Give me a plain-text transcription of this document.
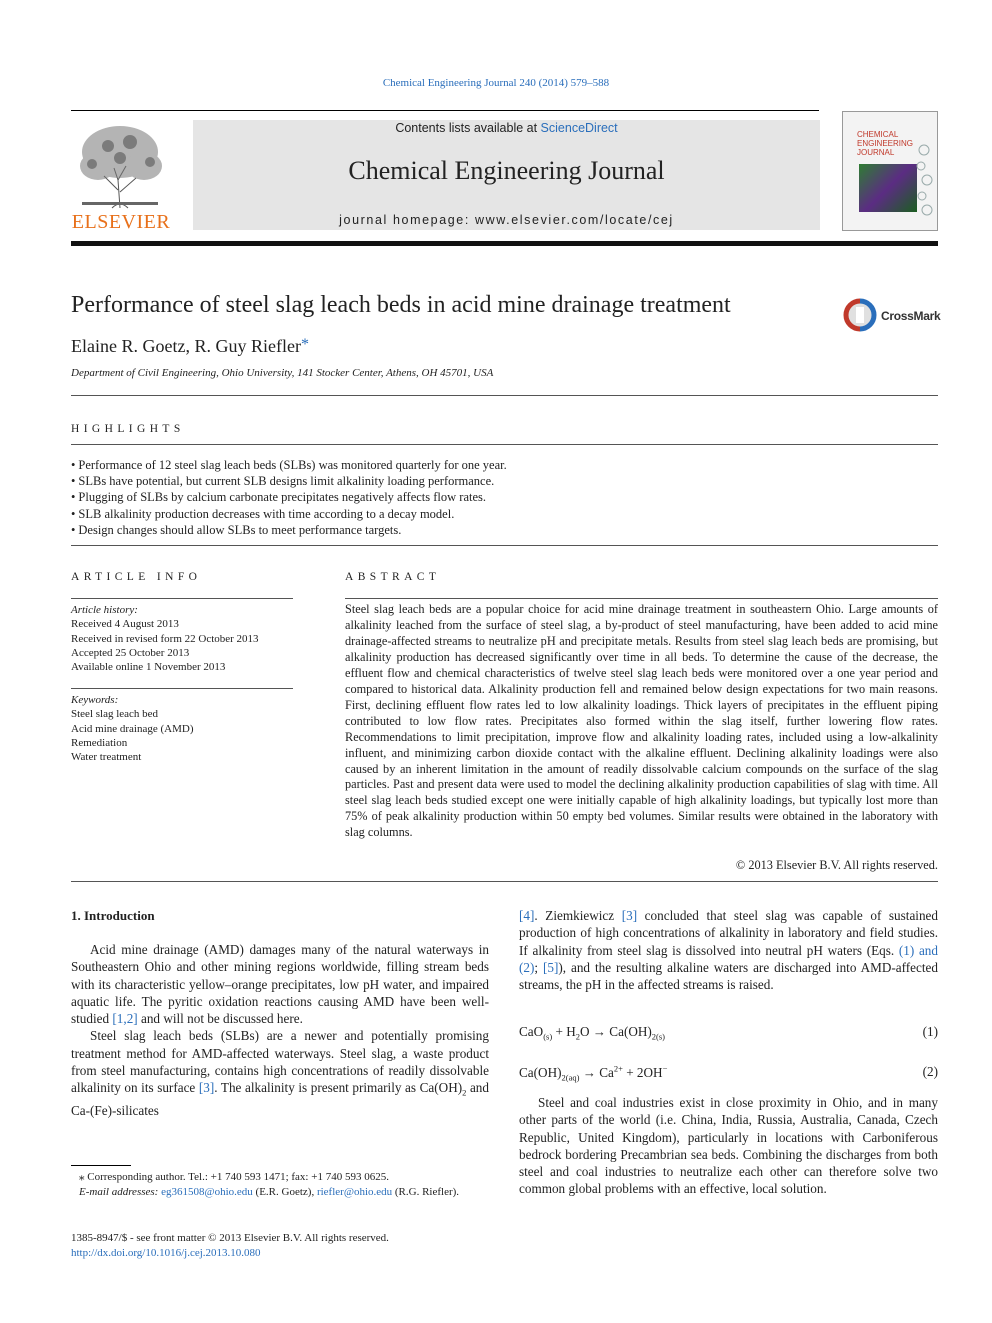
Chemical Engineering Journal 240 (2014) 579–588
ELSEVIER
Contents lists available at ScienceDirect
Chemical Engineering Journal
journal homepage: www.elsevier.com/locate/cej
CHEMICAL
ENGINEERING
JOURNAL
Performance of steel slag leach beds in acid mine drainage treatment	CrossMark
Elaine R. Goetz, R. Guy Riefler*
Department of Civil Engineering, Ohio University, 141 Stocker Center, Athens, OH 45701, USA
HIGHLIGHTS
• Performance of 12 steel slag leach beds (SLBs) was monitored quarterly for one year.
• SLBs have potential, but current SLB designs limit alkalinity loading performance.
• Plugging of SLBs by calcium carbonate precipitates negatively affects flow rates.
• SLB alkalinity production decreases with time according to a decay model.
• Design changes should allow SLBs to meet performance targets.
ARTICLE INFO
Article history:
Received 4 August 2013
Received in revised form 22 October 2013
Accepted 25 October 2013
Available online 1 November 2013
Keywords:
Steel slag leach bed
Acid mine drainage (AMD)
Remediation
Water treatment
ABSTRACT
Steel slag leach beds are a popular choice for acid mine drainage treatment in southeastern Ohio. Large amounts of alkalinity leached from the surface of steel slag, a by-product of steel manufacturing, have been added to acid mine drainage-affected streams to neutralize pH and precipitate metals. Results from steel slag leach beds are promising, but alkalinity production has decreased significantly over time in all beds. To determine the cause of the decrease, the effluent flow and chemical characteristics of twelve steel slag leach beds were monitored over a one year period and compared to historical data. Alkalinity production fell and remained below design expectations for two main reasons. First, declining effluent flow rates led to low alkalinity loadings. Thick layers of precipitates in the effluent piping contributed to low flow rates. Precipitates also formed within the slag itself, further lowering flow rates. Recommendations to limit precipitation, improve flow and alkalinity loading rates, included using a low-alkalinity influent, and minimizing carbon dioxide contact with the alkaline effluent. Declining alkalinity loadings were also caused by an inherent limitation in the amount of readily dissolvable calcium compounds on the surface of the slag particles. Past and present data were used to model the declining alkalinity production capabilities of slag with time. All steel slag leach beds studied except one were initially capable of high alkalinity loadings, but typically lost more than 75% of peak alkalinity production within 50 empty bed volumes. Similar results were obtained in the laboratory with slag columns.
© 2013 Elsevier B.V. All rights reserved.
1. Introduction

Acid mine drainage (AMD) damages many of the natural waterways in Southeastern Ohio and other mining regions worldwide, filling stream beds with its characteristic yellow–orange precipitates, low pH water, and impaired aquatic life. The pyritic oxidation reactions causing AMD have been well-studied [1,2] and will not be discussed here.

Steel slag leach beds (SLBs) are a newer and potentially promising treatment method for AMD-affected waterways. Steel slag, a waste product from steel manufacturing, contains high concentrations of readily dissolvable alkalinity on its surface [3]. The alkalinity is present primarily as $Ca(OH)_2$ and Ca-(Fe)-silicates

[4]. Ziemkiewicz [3] concluded that steel slag was capable of sustained production of high concentrations of alkalinity in laboratory and field studies. If alkalinity from steel slag is dissolved into neutral pH waters (Eqs. (1) and (2); [5]), and the resulting alkaline waters are discharged into AMD-affected streams, the pH in the affected streams is raised.
$CaO_{(s)} + H_2O \to Ca(OH)_{2(s)}$	(1)
$Ca(OH)_{2(aq)} \to Ca^{2+} + 2OH^-$	(2)
Steel and coal industries exist in close proximity in Ohio, and in many other parts of the world (i.e. China, India, Russia, Australia, Canada, Czech Republic, United Kingdom), particularly in locations with Carboniferous bedrock bordering Precambrian sea beds. Combining the discharges from both steel and coal industries to neutralize each other can therefore solve two common global problems with an effective, local solution.
⁎ Corresponding author. Tel.: +1 740 593 1471; fax: +1 740 593 0625.
E-mail addresses: eg361508@ohio.edu (E.R. Goetz), riefler@ohio.edu (R.G. Riefler).
1385-8947/$ - see front matter © 2013 Elsevier B.V. All rights reserved.
http://dx.doi.org/10.1016/j.cej.2013.10.080
